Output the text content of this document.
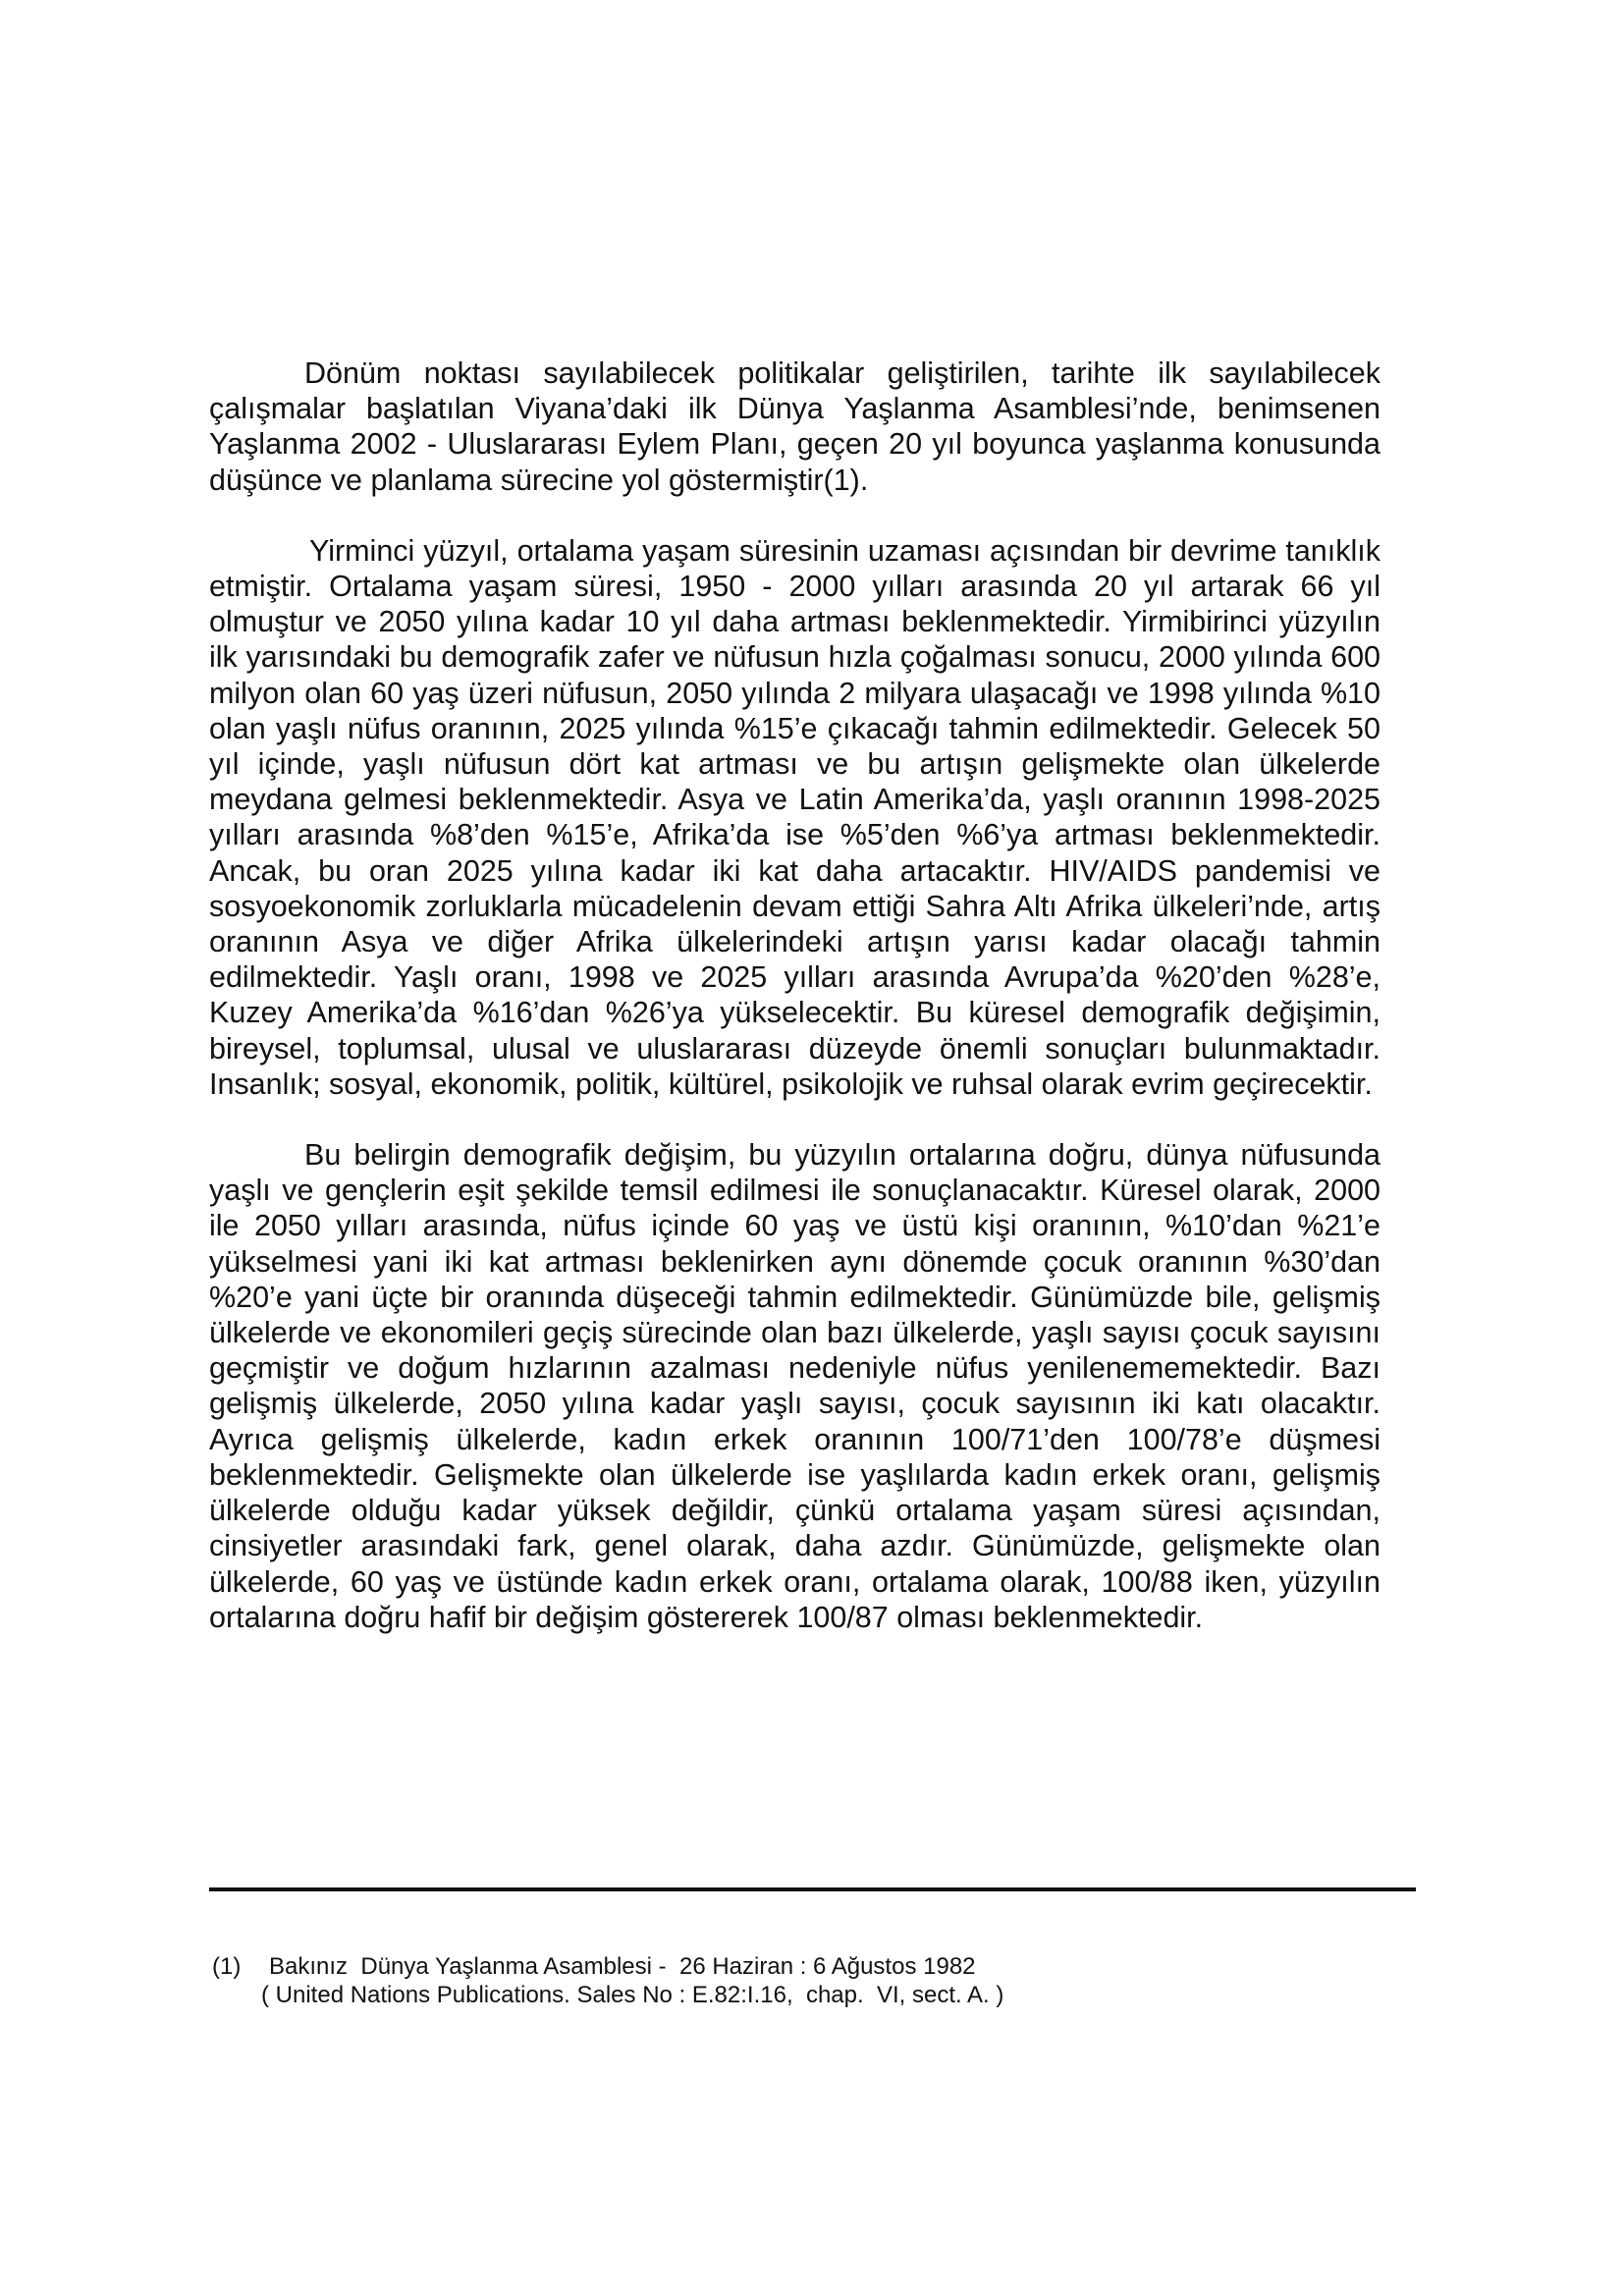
Dönüm noktası sayılabilecek politikalar geliştirilen, tarihte ilk sayılabilecek çalışmalar başlatılan Viyana’daki ilk Dünya Yaşlanma Asamblesi’nde, benimsenen Yaşlanma 2002 - Uluslararası Eylem Planı, geçen 20 yıl boyunca yaşlanma konusunda düşünce ve planlama sürecine yol göstermiştir(1).

Yirminci yüzyıl, ortalama yaşam süresinin uzaması açısından bir devrime tanıklık etmiştir. Ortalama yaşam süresi, 1950 - 2000 yılları arasında 20 yıl artarak 66 yıl olmuştur ve 2050 yılına kadar 10 yıl daha artması beklenmektedir. Yirmibirinci yüzyılın ilk yarısındaki bu demografik zafer ve nüfusun hızla çoğalması sonucu, 2000 yılında 600 milyon olan 60 yaş üzeri nüfusun, 2050 yılında 2 milyara ulaşacağı ve 1998 yılında %10 olan yaşlı nüfus oranının, 2025 yılında %15’e çıkacağı tahmin edilmektedir. Gelecek 50 yıl içinde, yaşlı nüfusun dört kat artması ve bu artışın gelişmekte olan ülkelerde meydana gelmesi beklenmektedir. Asya ve Latin Amerika’da, yaşlı oranının 1998-2025 yılları arasında %8’den %15’e, Afrika’da ise %5’den %6’ya artması beklenmektedir. Ancak, bu oran 2025 yılına kadar iki kat daha artacaktır. HIV/AIDS pandemisi ve sosyoekonomik zorluklarla mücadelenin devam ettiği Sahra Altı Afrika ülkeleri’nde, artış oranının Asya ve diğer Afrika ülkelerindeki artışın yarısı kadar olacağı tahmin edilmektedir. Yaşlı oranı, 1998 ve 2025 yılları arasında Avrupa’da %20’den %28’e, Kuzey Amerika’da %16’dan %26’ya yükselecektir. Bu küresel demografik değişimin, bireysel, toplumsal, ulusal ve uluslararası düzeyde önemli sonuçları bulunmaktadır. Insanlık; sosyal, ekonomik, politik, kültürel, psikolojik ve ruhsal olarak evrim geçirecektir.

Bu belirgin demografik değişim, bu yüzyılın ortalarına doğru, dünya nüfusunda yaşlı ve gençlerin eşit şekilde temsil edilmesi ile sonuçlanacaktır. Küresel olarak, 2000 ile 2050 yılları arasında, nüfus içinde 60 yaş ve üstü kişi oranının, %10’dan %21’e yükselmesi yani iki kat artması beklenirken aynı dönemde çocuk oranının %30’dan %20’e yani üçte bir oranında düşeceği tahmin edilmektedir. Günümüzde bile, gelişmiş ülkelerde ve ekonomileri geçiş sürecinde olan bazı ülkelerde, yaşlı sayısı çocuk sayısını geçmiştir ve doğum hızlarının azalması nedeniyle nüfus yenilenememektedir. Bazı gelişmiş ülkelerde, 2050 yılına kadar yaşlı sayısı, çocuk sayısının iki katı olacaktır. Ayrıca gelişmiş ülkelerde, kadın erkek oranının 100/71’den 100/78’e düşmesi beklenmektedir. Gelişmekte olan ülkelerde ise yaşlılarda kadın erkek oranı, gelişmiş ülkelerde olduğu kadar yüksek değildir, çünkü ortalama yaşam süresi açısından, cinsiyetler arasındaki fark, genel olarak, daha azdır. Günümüzde, gelişmekte olan ülkelerde, 60 yaş ve üstünde kadın erkek oranı, ortalama olarak, 100/88 iken, yüzyılın ortalarına doğru hafif bir değişim göstererek 100/87 olması beklenmektedir.

(1) Bakınız  Dünya Yaşlanma Asamblesi -  26 Haziran : 6 Ağustos 1982
( United Nations Publications. Sales No : E.82:I.16,  chap.  VI, sect. A. )
